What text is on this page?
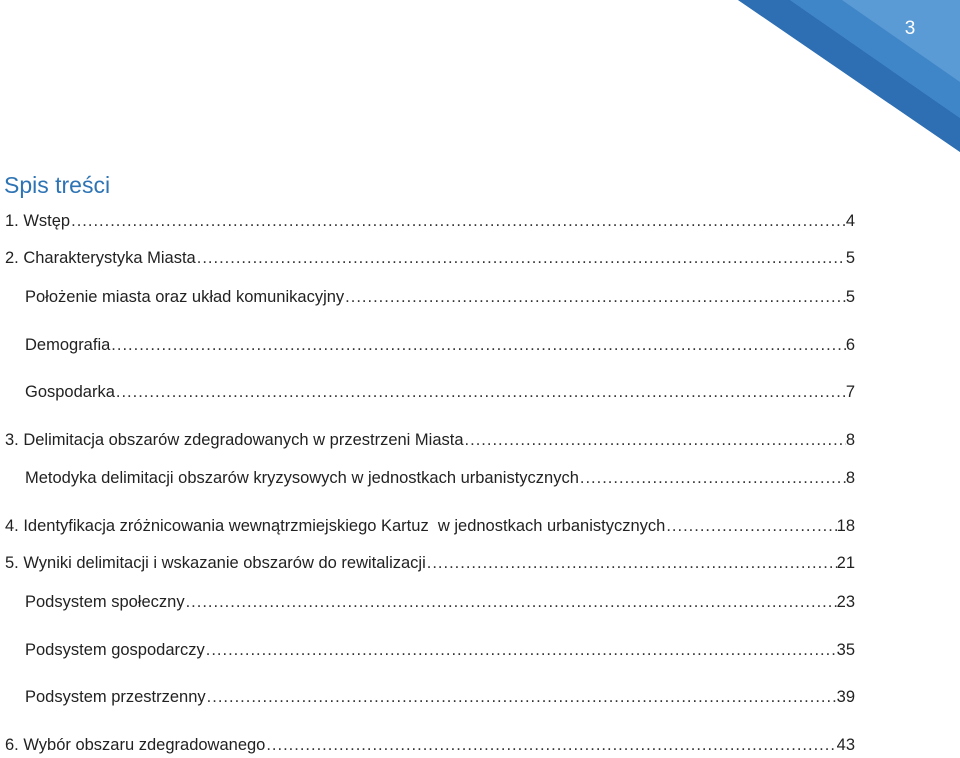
3
Spis treści
1. Wstęp .....	4
2. Charakterystyka Miasta .....	5
Położenie miasta oraz układ komunikacyjny .....	5
Demografia .....	6
Gospodarka .....	7
3. Delimitacja obszarów zdegradowanych w przestrzeni Miasta .....	8
Metodyka delimitacji obszarów kryzysowych w jednostkach urbanistycznych .....	8
4. Identyfikacja zróżnicowania wewnątrzmiejskiego Kartuz  w jednostkach urbanistycznych .....	18
5. Wyniki delimitacji i wskazanie obszarów do rewitalizacji .....	21
Podsystem społeczny .....	23
Podsystem gospodarczy .....	35
Podsystem przestrzenny .....	39
6. Wybór obszaru zdegradowanego .....	43
